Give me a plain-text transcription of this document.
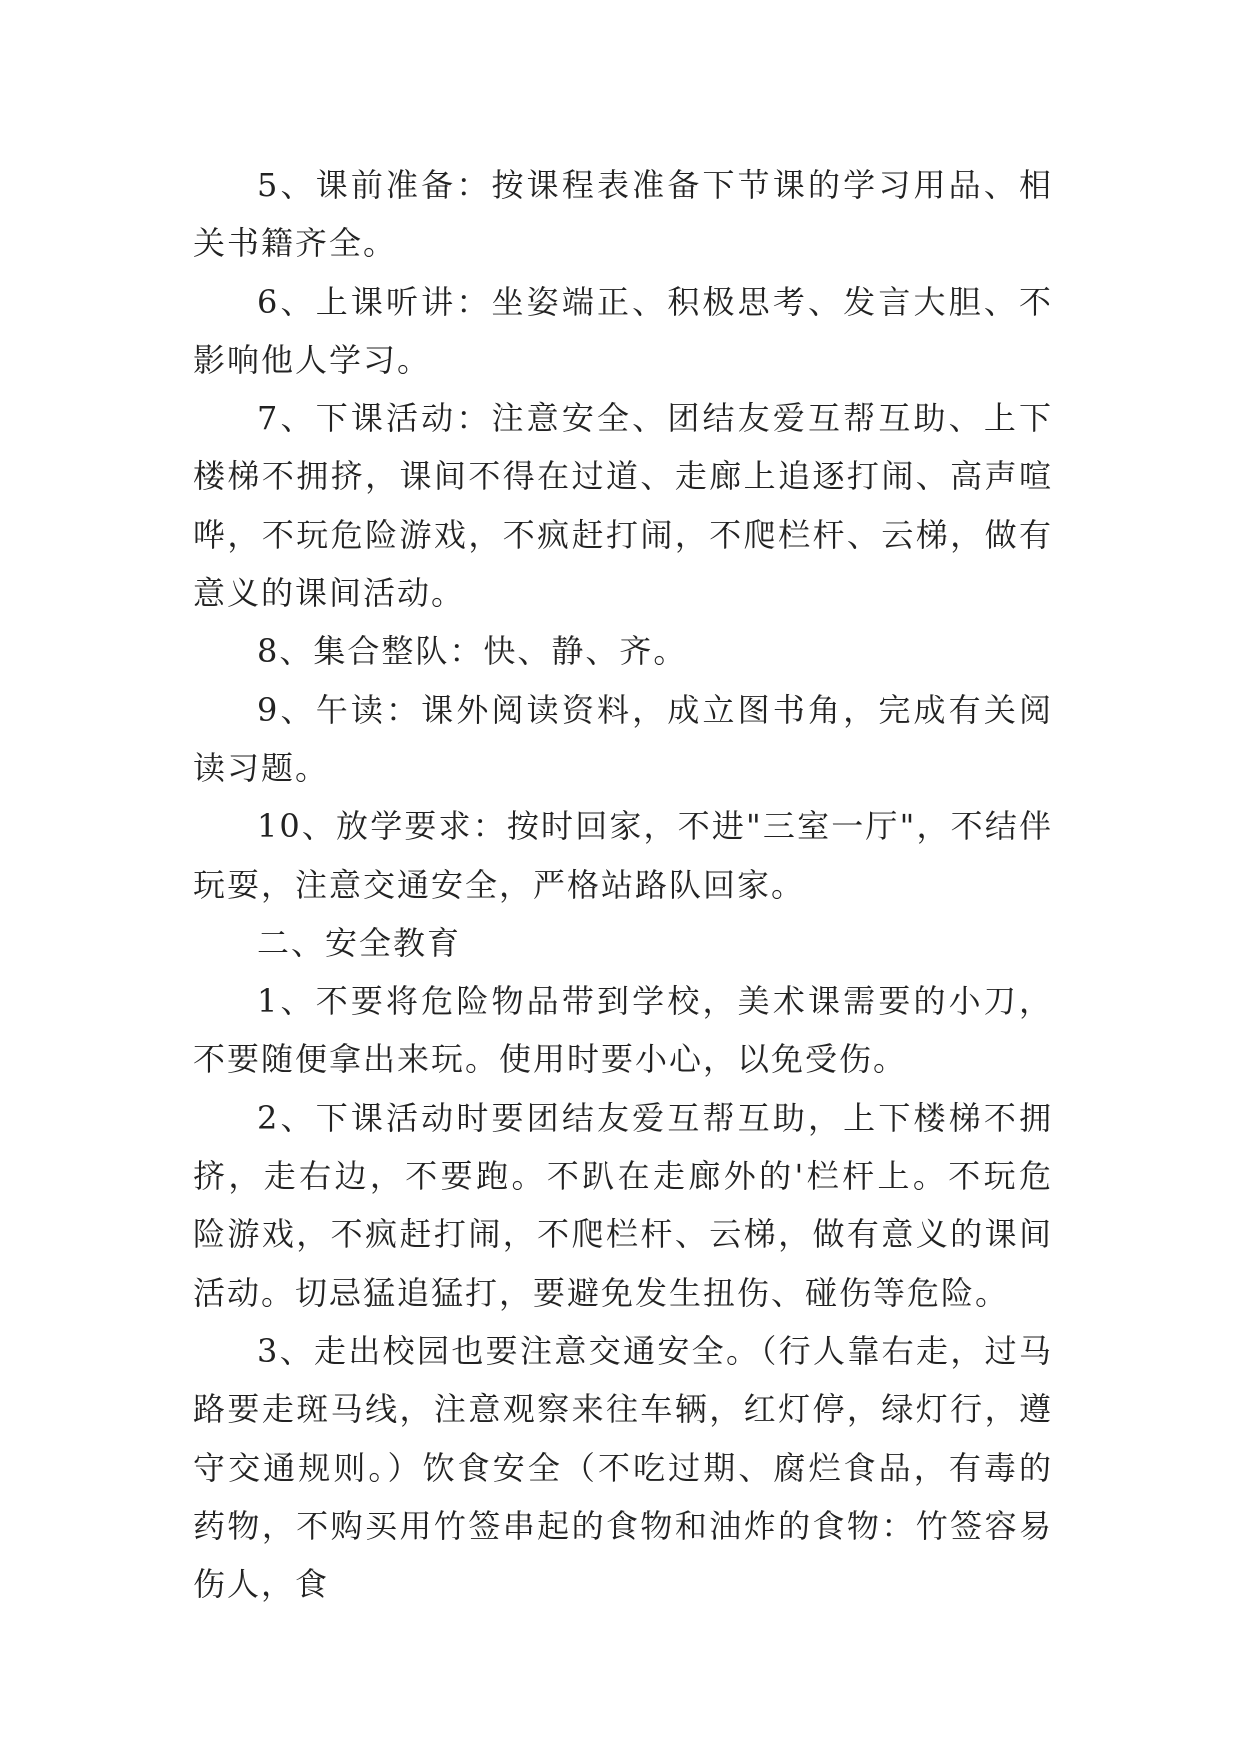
5、课前准备：按课程表准备下节课的学习用品、相关书籍齐全。

6、上课听讲：坐姿端正、积极思考、发言大胆、不影响他人学习。

7、下课活动：注意安全、团结友爱互帮互助、上下楼梯不拥挤，课间不得在过道、走廊上追逐打闹、高声喧哗，不玩危险游戏，不疯赶打闹，不爬栏杆、云梯，做有意义的课间活动。

8、集合整队：快、静、齐。

9、午读：课外阅读资料，成立图书角，完成有关阅读习题。

10、放学要求：按时回家，不进"三室一厅"，不结伴玩耍，注意交通安全，严格站路队回家。

二、安全教育

1、不要将危险物品带到学校，美术课需要的小刀，不要随便拿出来玩。使用时要小心，以免受伤。

2、下课活动时要团结友爱互帮互助，上下楼梯不拥挤，走右边，不要跑。不趴在走廊外的'栏杆上。不玩危险游戏，不疯赶打闹，不爬栏杆、云梯，做有意义的课间活动。切忌猛追猛打，要避免发生扭伤、碰伤等危险。

3、走出校园也要注意交通安全。（行人靠右走，过马路要走斑马线，注意观察来往车辆，红灯停，绿灯行，遵守交通规则。）饮食安全（不吃过期、腐烂食品，有毒的药物，不购买用竹签串起的食物和油炸的食物：竹签容易伤人，食
